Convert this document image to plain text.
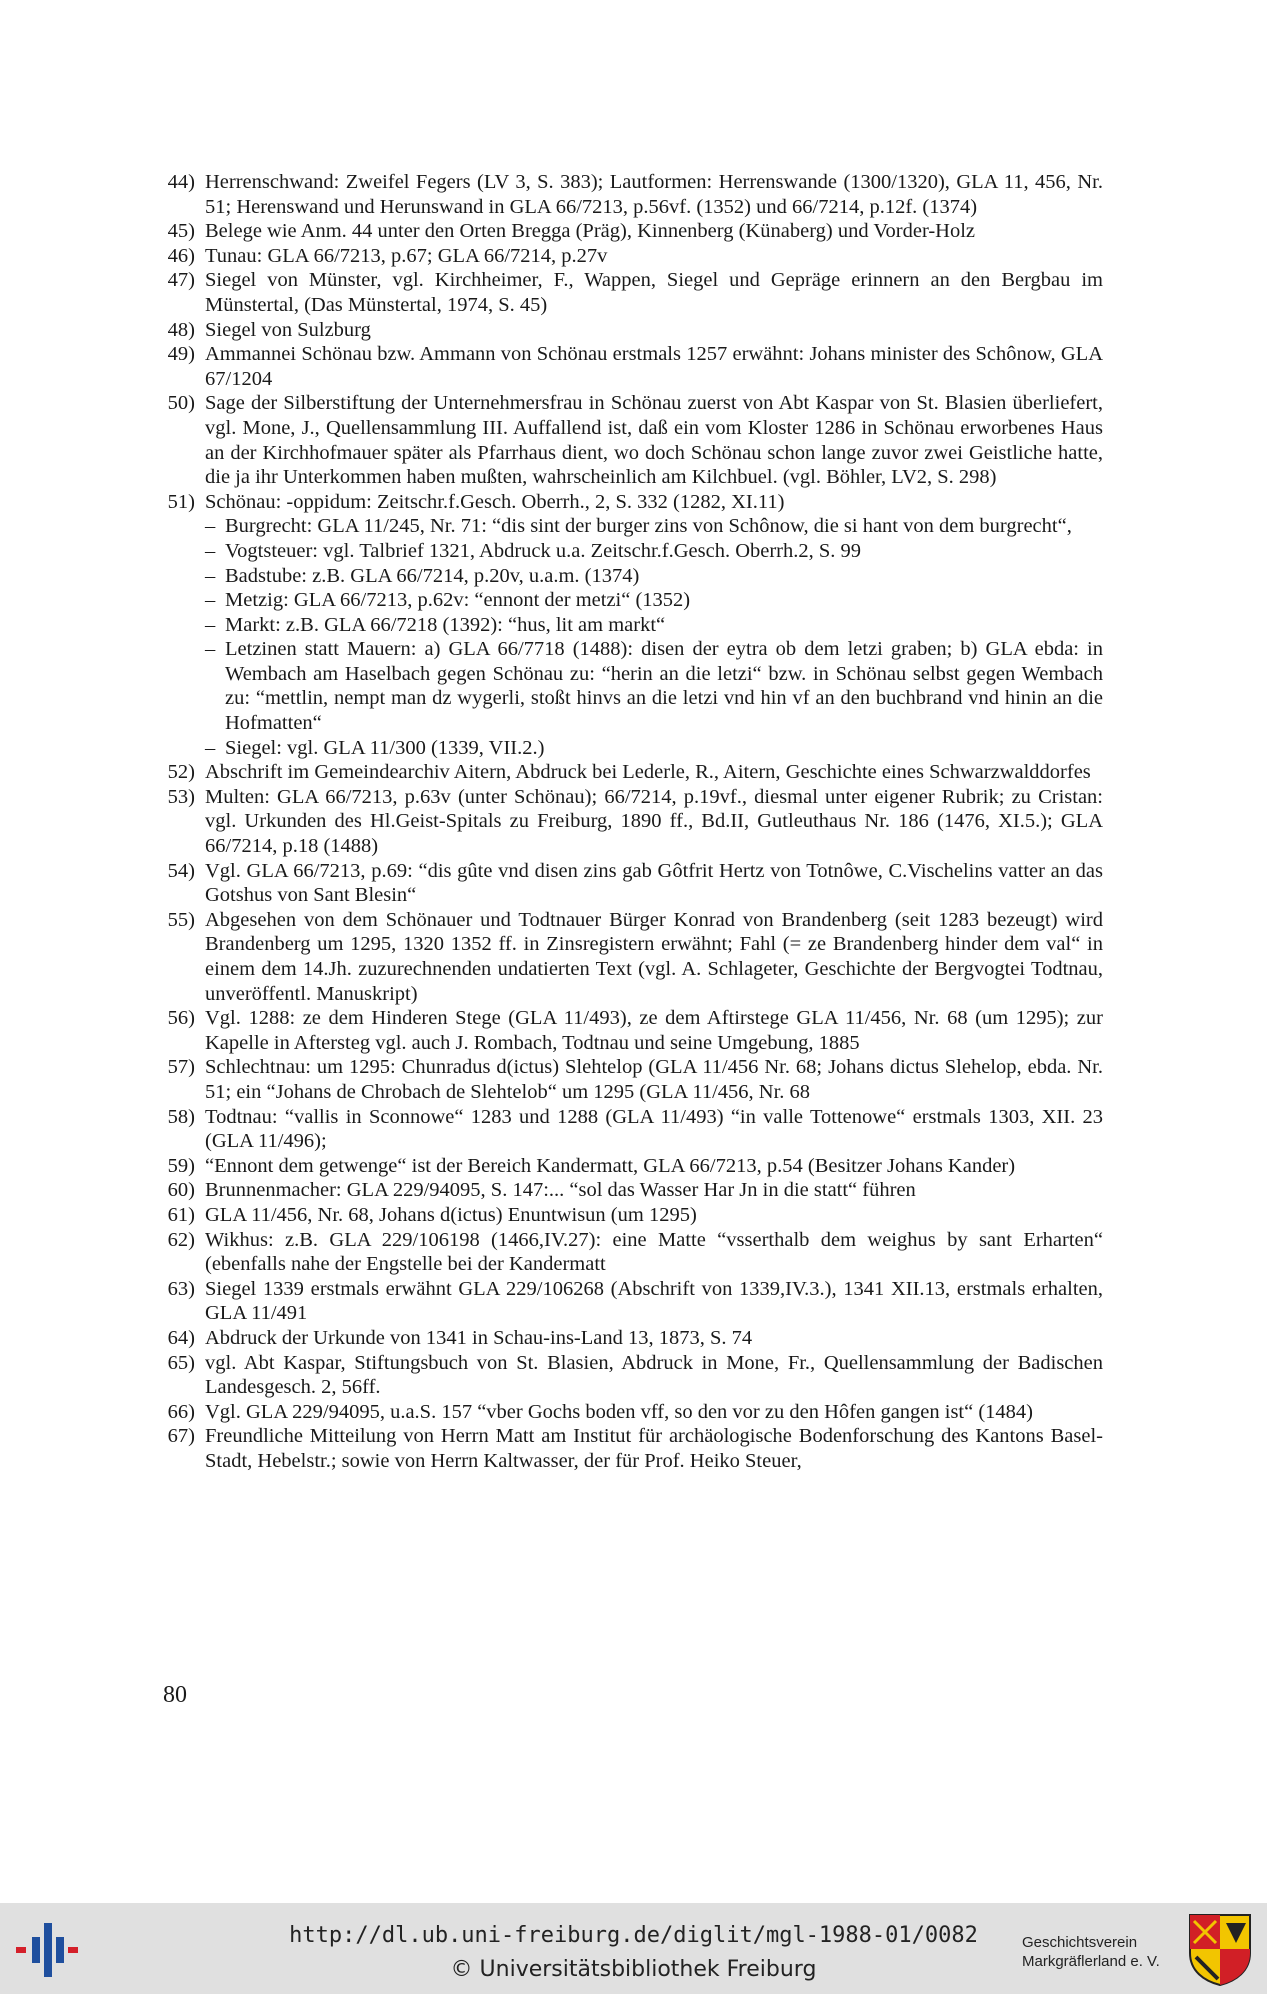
44) Herrenschwand: Zweifel Fegers (LV 3, S. 383); Lautformen: Herrenswande (1300/1320), GLA 11, 456, Nr. 51; Herenswand und Herunswand in GLA 66/7213, p.56vf. (1352) und 66/7214, p.12f. (1374)
45) Belege wie Anm. 44 unter den Orten Bregga (Präg), Kinnenberg (Künaberg) und Vorder-Holz
46) Tunau: GLA 66/7213, p.67; GLA 66/7214, p.27v
47) Siegel von Münster, vgl. Kirchheimer, F., Wappen, Siegel und Gepräge erinnern an den Bergbau im Münstertal, (Das Münstertal, 1974, S. 45)
48) Siegel von Sulzburg
49) Ammannei Schönau bzw. Ammann von Schönau erstmals 1257 erwähnt: Johans minister des Schônow, GLA 67/1204
50) Sage der Silberstiftung der Unternehmersfrau in Schönau zuerst von Abt Kaspar von St. Blasien überliefert, vgl. Mone, J., Quellensammlung III. Auffallend ist, daß ein vom Kloster 1286 in Schönau erworbenes Haus an der Kirchhofmauer später als Pfarrhaus dient, wo doch Schönau schon lange zuvor zwei Geistliche hatte, die ja ihr Unterkommen haben mußten, wahrscheinlich am Kilchbuel. (vgl. Böhler, LV2, S. 298)
51) Schönau: -oppidum: Zeitschr.f.Gesch. Oberrh., 2, S. 332 (1282, XI.11)
– Burgrecht: GLA 11/245, Nr. 71: “dis sint der burger zins von Schônow, die si hant von dem burgrecht“,
– Vogtsteuer: vgl. Talbrief 1321, Abdruck u.a. Zeitschr.f.Gesch. Oberrh.2, S. 99
– Badstube: z.B. GLA 66/7214, p.20v, u.a.m. (1374)
– Metzig: GLA 66/7213, p.62v: “ennont der metzi“ (1352)
– Markt: z.B. GLA 66/7218 (1392): “hus, lit am markt“
– Letzinen statt Mauern: a) GLA 66/7718 (1488): disen der eytra ob dem letzi graben; b) GLA ebda: in Wembach am Haselbach gegen Schönau zu: “herin an die letzi“ bzw. in Schönau selbst gegen Wembach zu: “mettlin, nempt man dz wygerli, stoßt hinvs an die letzi vnd hin vf an den buchbrand vnd hinin an die Hofmatten“
– Siegel: vgl. GLA 11/300 (1339, VII.2.)
52) Abschrift im Gemeindearchiv Aitern, Abdruck bei Lederle, R., Aitern, Geschichte eines Schwarzwalddorfes
53) Multen: GLA 66/7213, p.63v (unter Schönau); 66/7214, p.19vf., diesmal unter eigener Rubrik; zu Cristan: vgl. Urkunden des Hl.Geist-Spitals zu Freiburg, 1890 ff., Bd.II, Gutleuthaus Nr. 186 (1476, XI.5.); GLA 66/7214, p.18 (1488)
54) Vgl. GLA 66/7213, p.69: “dis gûte vnd disen zins gab Gôtfrit Hertz von Totnôwe, C.Vischelins vatter an das Gotshus von Sant Blesin“
55) Abgesehen von dem Schönauer und Todtnauer Bürger Konrad von Brandenberg (seit 1283 bezeugt) wird Brandenberg um 1295, 1320 1352 ff. in Zinsregistern erwähnt; Fahl (= ze Brandenberg hinder dem val“ in einem dem 14.Jh. zuzurechnenden undatierten Text (vgl. A. Schlageter, Geschichte der Bergvogtei Todtnau, unveröffentl. Manuskript)
56) Vgl. 1288: ze dem Hinderen Stege (GLA 11/493), ze dem Aftirstege GLA 11/456, Nr. 68 (um 1295); zur Kapelle in Aftersteg vgl. auch J. Rombach, Todtnau und seine Umgebung, 1885
57) Schlechtnau: um 1295: Chunradus d(ictus) Slehtelop (GLA 11/456 Nr. 68; Johans dictus Slehelop, ebda. Nr. 51; ein “Johans de Chrobach de Slehtelob“ um 1295 (GLA 11/456, Nr. 68
58) Todtnau: “vallis in Sconnowe“ 1283 und 1288 (GLA 11/493) “in valle Tottenowe“ erstmals 1303, XII. 23 (GLA 11/496);
59) “Ennont dem getwenge“ ist der Bereich Kandermatt, GLA 66/7213, p.54 (Besitzer Johans Kander)
60) Brunnenmacher: GLA 229/94095, S. 147:... “sol das Wasser Har Jn in die statt“ führen
61) GLA 11/456, Nr. 68, Johans d(ictus) Enuntwisun (um 1295)
62) Wikhus: z.B. GLA 229/106198 (1466,IV.27): eine Matte “vsserthalb dem weighus by sant Erharten“ (ebenfalls nahe der Engstelle bei der Kandermatt
63) Siegel 1339 erstmals erwähnt GLA 229/106268 (Abschrift von 1339,IV.3.), 1341 XII.13, erstmals erhalten, GLA 11/491
64) Abdruck der Urkunde von 1341 in Schau-ins-Land 13, 1873, S. 74
65) vgl. Abt Kaspar, Stiftungsbuch von St. Blasien, Abdruck in Mone, Fr., Quellensammlung der Badischen Landesgesch. 2, 56ff.
66) Vgl. GLA 229/94095, u.a.S. 157 “vber Gochs boden vff, so den vor zu den Hôfen gangen ist“ (1484)
67) Freundliche Mitteilung von Herrn Matt am Institut für archäologische Bodenforschung des Kantons Basel- Stadt, Hebelstr.; sowie von Herrn Kaltwasser, der für Prof. Heiko Steuer,
80
http://dl.ub.uni-freiburg.de/diglit/mgl-1988-01/0082
© Universitätsbibliothek Freiburg
Geschichtsverein
Markgräflerland e. V.
